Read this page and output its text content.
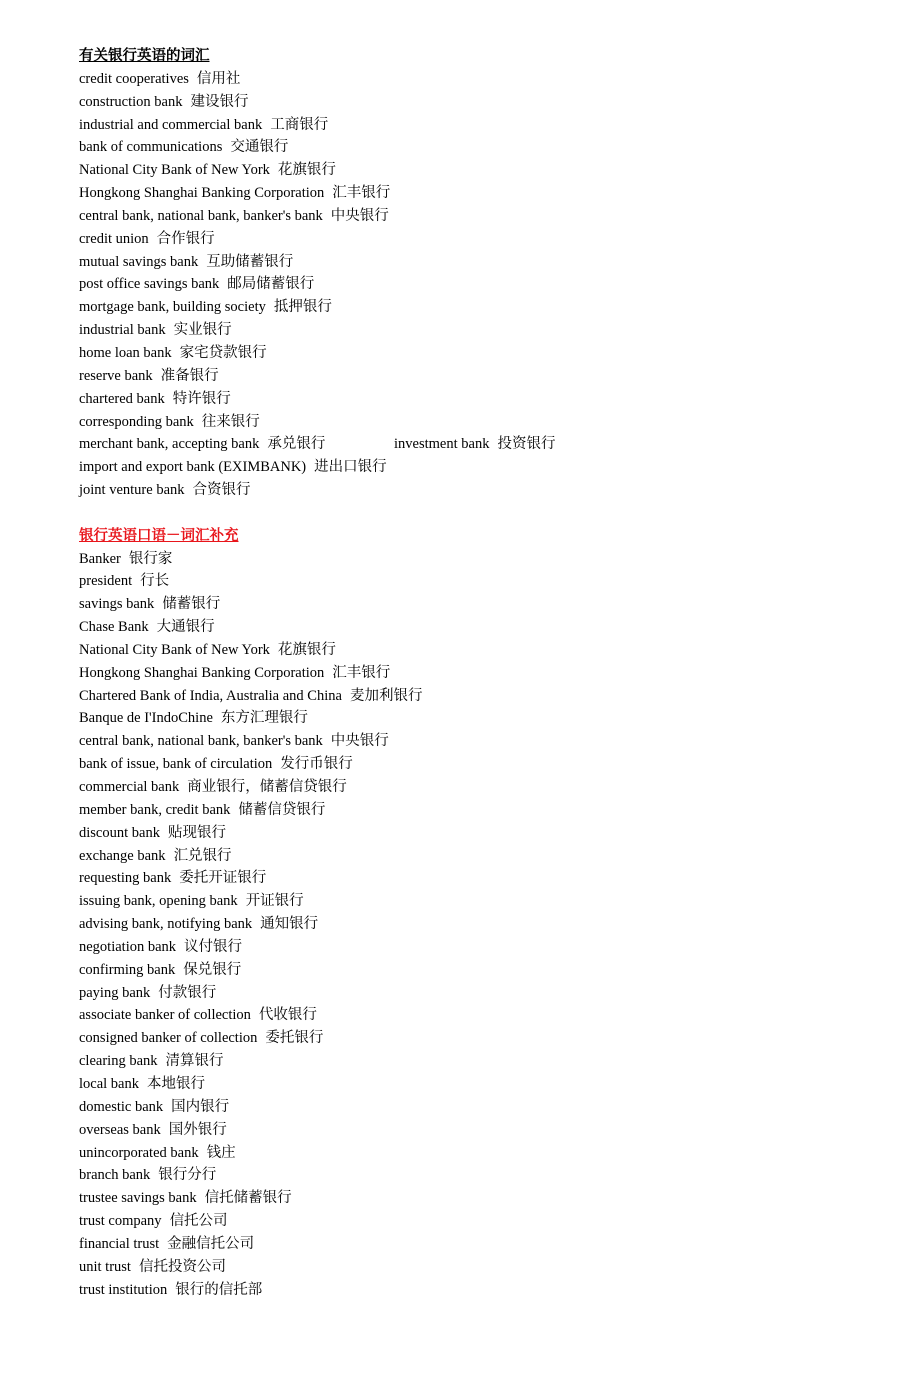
有关银行英语的词汇
credit cooperatives 信用社
construction bank 建设银行
industrial and commercial bank 工商银行
bank of communications 交通银行
National City Bank of New York 花旗银行
Hongkong Shanghai Banking Corporation 汇丰银行
central bank, national bank, banker's bank 中央银行
credit union 合作银行
mutual savings bank 互助储蓄银行
post office savings bank 邮局储蓄银行
mortgage bank, building society 抵押银行
industrial bank 实业银行
home loan bank 家宅贷款银行
reserve bank 准备银行
chartered bank 特许银行
corresponding bank 往来银行
merchant bank, accepting bank 承兑银行	investment bank 投资银行
import and export bank (EXIMBANK) 进出口银行
joint venture bank 合资银行
银行英语口语－词汇补充
Banker 银行家
president 行长
savings bank 储蓄银行
Chase Bank 大通银行
National City Bank of New York 花旗银行
Hongkong Shanghai Banking Corporation 汇丰银行
Chartered Bank of India, Australia and China 麦加利银行
Banque de I'IndoChine 东方汇理银行
central bank, national bank, banker's bank 中央银行
bank of issue, bank of circulation 发行币银行
commercial bank 商业银行，储蓄信贷银行
member bank, credit bank 储蓄信贷银行
discount bank 贴现银行
exchange bank 汇兑银行
requesting bank 委托开证银行
issuing bank, opening bank 开证银行
advising bank, notifying bank 通知银行
negotiation bank 议付银行
confirming bank 保兑银行
paying bank 付款银行
associate banker of collection 代收银行
consigned banker of collection 委托银行
clearing bank 清算银行
local bank 本地银行
domestic bank 国内银行
overseas bank 国外银行
unincorporated bank 钱庄
branch bank 银行分行
trustee savings bank 信托储蓄银行
trust company 信托公司
financial trust 金融信托公司
unit trust 信托投资公司
trust institution 银行的信托部
